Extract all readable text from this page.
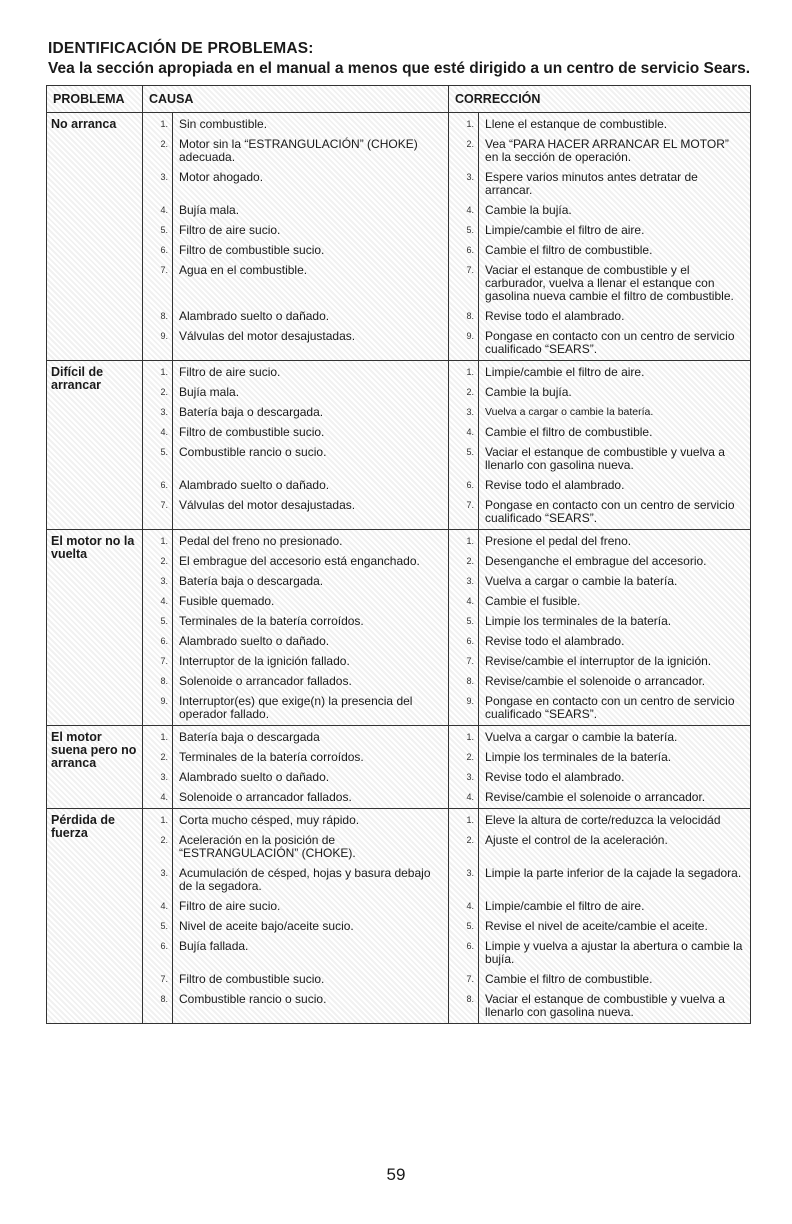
IDENTIFICACIÓN DE PROBLEMAS:
Vea la sección apropiada en el manual a menos que esté dirigido a un centro de servicio Sears.
PROBLEMA	CAUSA		CORRECCIÓN	
No arranca	1.	Sin combustible.	1.	Llene el estanque de combustible.
	2.	Motor sin la “ESTRANGULACIÓN” (CHOKE) adecuada.	2.	Vea “PARA HACER ARRANCAR EL MOTOR” en la sección de operación.
	3.	Motor ahogado.	3.	Espere varios minutos antes detratar de arrancar.
	4.	Bujía mala.	4.	Cambie la bujía.
	5.	Filtro de aire sucio.	5.	Limpie/cambie el filtro de aire.
	6.	Filtro de combustible sucio.	6.	Cambie el filtro de combustible.
	7.	Agua en el combustible.	7.	Vaciar el estanque de combustible y el carburador, vuelva a llenar el estanque con gasolina nueva cambie el filtro de combustible.
	8.	Alambrado suelto o dañado.	8.	Revise todo el alambrado.
	9.	Válvulas del motor desajustadas.	9.	Pongase en contacto con un centro de servicio cualificado “SEARS”.
Difícil de arrancar	1.	Filtro de aire sucio.	1.	Limpie/cambie el filtro de aire.
	2.	Bujía mala.	2.	Cambie la bujía.
	3.	Batería baja o descargada.	3.	Vuelva a cargar o cambie la batería.
	4.	Filtro de combustible sucio.	4.	Cambie el filtro de combustible.
	5.	Combustible rancio o sucio.	5.	Vaciar el estanque de combustible y vuelva a llenarlo con gasolina nueva.
	6.	Alambrado suelto o dañado.	6.	Revise todo el alambrado.
	7.	Válvulas del motor desajustadas.	7.	Pongase en contacto con un centro de servicio cualificado “SEARS”.
El motor no la vuelta	1.	Pedal del freno no presionado.	1.	Presione el pedal del freno.
	2.	El embrague del accesorio está enganchado.	2.	Desenganche el embrague del accesorio.
	3.	Batería baja o descargada.	3.	Vuelva a cargar o cambie la batería.
	4.	Fusible quemado.	4.	Cambie el fusible.
	5.	Terminales de la batería corroídos.	5.	Limpie los terminales de la batería.
	6.	Alambrado suelto o dañado.	6.	Revise todo el alambrado.
	7.	Interruptor de la ignición fallado.	7.	Revise/cambie el interruptor de la ignición.
	8.	Solenoide o arrancador fallados.	8.	Revise/cambie el solenoide o arrancador.
	9.	Interruptor(es) que exige(n) la presencia del operador fallado.	9.	Pongase en contacto con un centro de servicio cualificado “SEARS”.
El motor suena pero no arranca	1.	Batería baja o descargada	1.	Vuelva a cargar o cambie la batería.
	2.	Terminales de la batería corroídos.	2.	Limpie los terminales de la batería.
	3.	Alambrado suelto o dañado.	3.	Revise todo el alambrado.
	4.	Solenoide o arrancador fallados.	4.	Revise/cambie el solenoide o arrancador.
Pérdida de fuerza	1.	Corta mucho césped, muy rápido.	1.	Eleve la altura de corte/reduzca la velocidád
	2.	Aceleración en la posición de “ESTRANGULACIÓN” (CHOKE).	2.	Ajuste el control de la aceleración.
	3.	Acumulación de césped, hojas y basura debajo de la segadora.	3.	Limpie la parte inferior de la cajade la segadora.
	4.	Filtro de aire sucio.	4.	Limpie/cambie el filtro de aire.
	5.	Nivel de aceite bajo/aceite sucio.	5.	Revise el nivel de aceite/cambie el aceite.
	6.	Bujía fallada.	6.	Limpie y vuelva a ajustar la abertura o cambie la bujía.
	7.	Filtro de combustible sucio.	7.	Cambie el filtro de combustible.
	8.	Combustible rancio o sucio.	8.	Vaciar el estanque de combustible y vuelva a llenarlo con gasolina nueva.
59
